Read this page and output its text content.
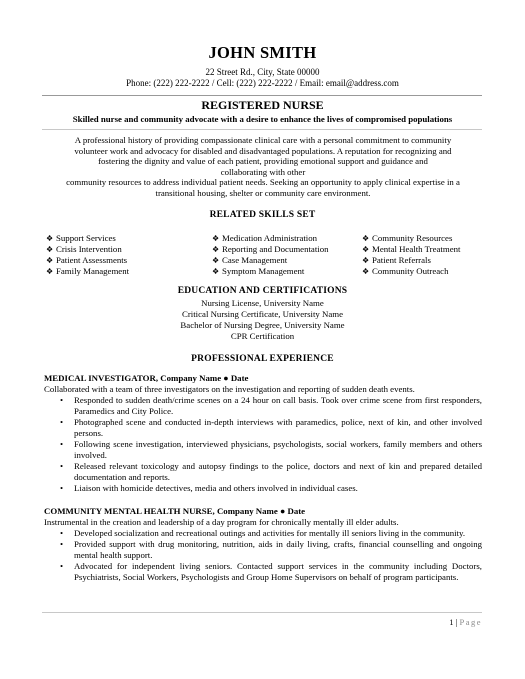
JOHN SMITH
22 Street Rd., City, State 00000
Phone: (222) 222-2222 / Cell: (222) 222-2222 / Email: email@address.com
REGISTERED NURSE
Skilled nurse and community advocate with a desire to enhance the lives of compromised populations
A professional history of providing compassionate clinical care with a personal commitment to community
volunteer work and advocacy for disabled and disadvantaged populations. A reputation for recognizing and
fostering the dignity and value of each patient, providing emotional support and guidance and
collaborating with other
community resources to address individual patient needs. Seeking an opportunity to apply clinical expertise in a
transitional housing, shelter or community care environment.
RELATED SKILLS SET
❖ Support Services
❖ Crisis Intervention
❖ Patient Assessments
❖ Family Management
❖ Medication Administration
❖ Reporting and Documentation
❖ Case Management
❖ Symptom Management
❖ Community Resources
❖ Mental Health Treatment
❖ Patient Referrals
❖ Community Outreach
EDUCATION AND CERTIFICATIONS
Nursing License, University Name
Critical Nursing Certificate, University Name
Bachelor of Nursing Degree, University Name
CPR Certification
PROFESSIONAL EXPERIENCE
MEDICAL INVESTIGATOR, Company Name ● Date
Collaborated with a team of three investigators on the investigation and reporting of sudden death events.
• Responded to sudden death/crime scenes on a 24 hour on call basis. Took over crime scene from first responders, Paramedics and City Police.
• Photographed scene and conducted in-depth interviews with paramedics, police, next of kin, and other involved persons.
• Following scene investigation, interviewed physicians, psychologists, social workers, family members and others involved.
• Released relevant toxicology and autopsy findings to the police, doctors and next of kin and prepared detailed documentation and reports.
• Liaison with homicide detectives, media and others involved in individual cases.
COMMUNITY MENTAL HEALTH NURSE, Company Name ● Date
Instrumental in the creation and leadership of a day program for chronically mentally ill elder adults.
• Developed socialization and recreational outings and activities for mentally ill seniors living in the community.
• Provided support with drug monitoring, nutrition, aids in daily living, crafts, financial counselling and ongoing mental health support.
• Advocated for independent living seniors. Contacted support services in the community including Doctors, Psychiatrists, Social Workers, Psychologists and Group Home Supervisors on behalf of program participants.
1 | Page
